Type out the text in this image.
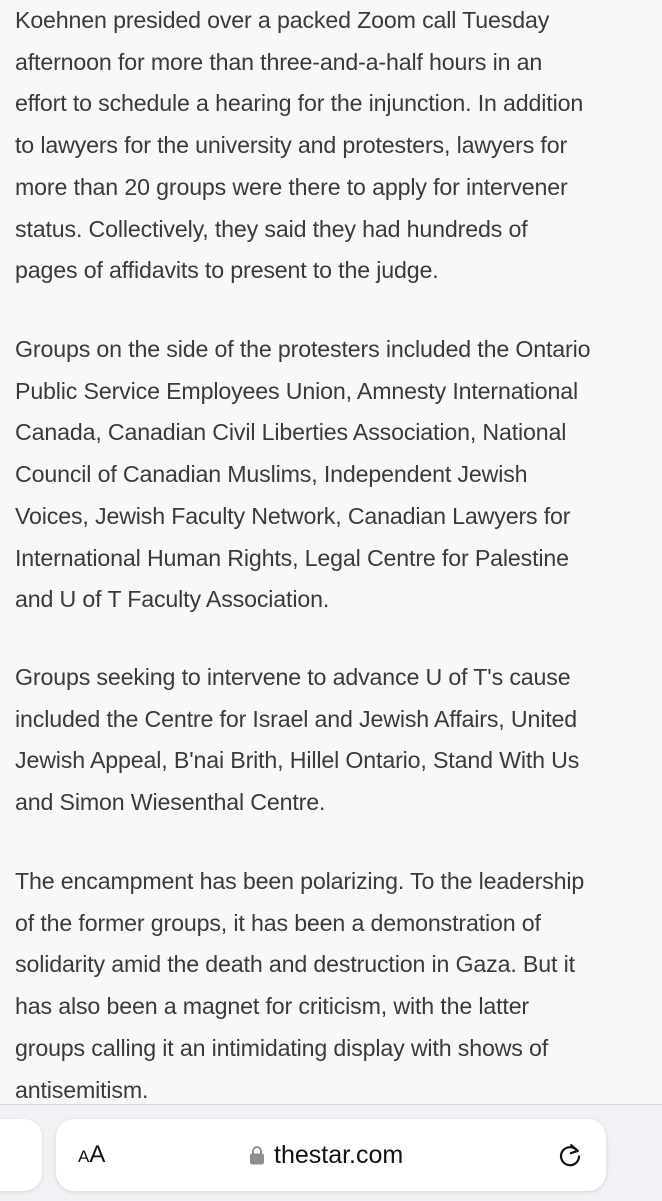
Koehnen presided over a packed Zoom call Tuesday
afternoon for more than three-and-a-half hours in an
effort to schedule a hearing for the injunction. In addition
to lawyers for the university and protesters, lawyers for
more than 20 groups were there to apply for intervener
status. Collectively, they said they had hundreds of
pages of affidavits to present to the judge.

Groups on the side of the protesters included the Ontario
Public Service Employees Union, Amnesty International
Canada, Canadian Civil Liberties Association, National
Council of Canadian Muslims, Independent Jewish
Voices, Jewish Faculty Network, Canadian Lawyers for
International Human Rights, Legal Centre for Palestine
and U of T Faculty Association.

Groups seeking to intervene to advance U of T's cause
included the Centre for Israel and Jewish Affairs, United
Jewish Appeal, B'nai Brith, Hillel Ontario, Stand With Us
and Simon Wiesenthal Centre.

The encampment has been polarizing. To the leadership
of the former groups, it has been a demonstration of
solidarity amid the death and destruction in Gaza. But it
has also been a magnet for criticism, with the latter
groups calling it an intimidating display with shows of
antisemitism.

AA	thestar.com
